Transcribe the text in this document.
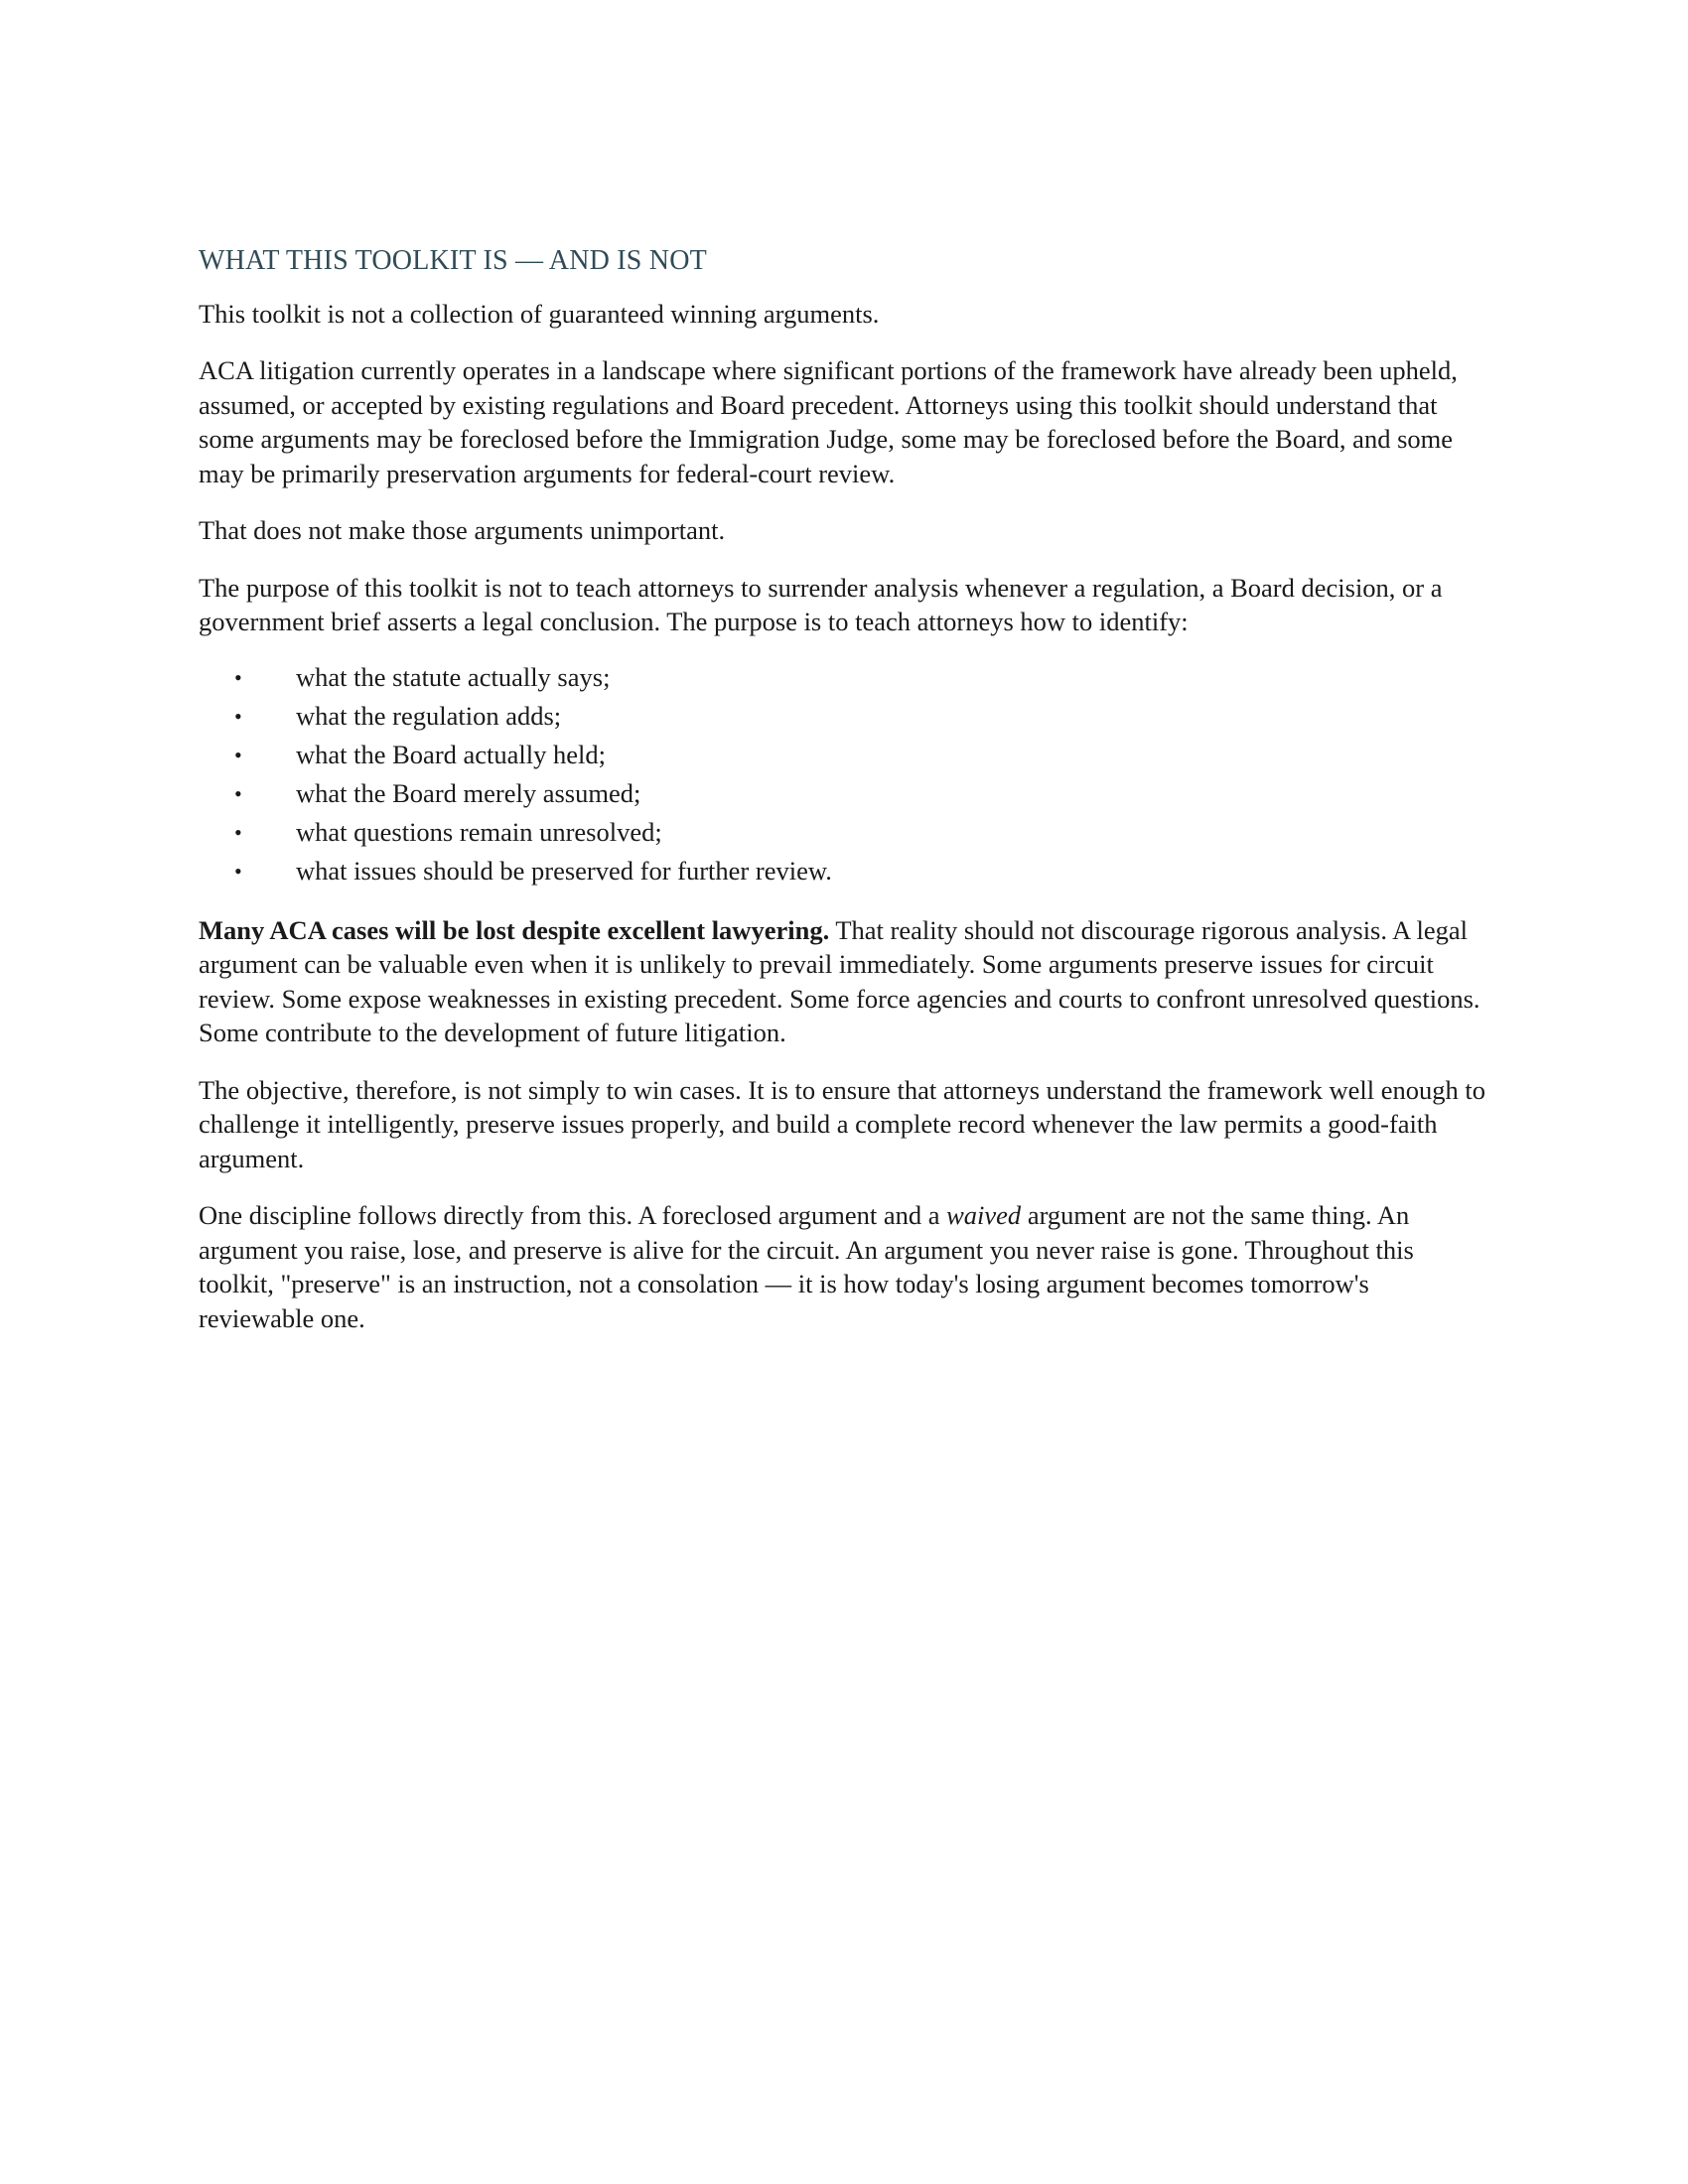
WHAT THIS TOOLKIT IS — AND IS NOT

This toolkit is not a collection of guaranteed winning arguments.

ACA litigation currently operates in a landscape where significant portions of the framework have already been upheld, assumed, or accepted by existing regulations and Board precedent. Attorneys using this toolkit should understand that some arguments may be foreclosed before the Immigration Judge, some may be foreclosed before the Board, and some may be primarily preservation arguments for federal-court review.

That does not make those arguments unimportant.

The purpose of this toolkit is not to teach attorneys to surrender analysis whenever a regulation, a Board decision, or a government brief asserts a legal conclusion. The purpose is to teach attorneys how to identify:

• what the statute actually says;
• what the regulation adds;
• what the Board actually held;
• what the Board merely assumed;
• what questions remain unresolved;
• what issues should be preserved for further review.

Many ACA cases will be lost despite excellent lawyering. That reality should not discourage rigorous analysis. A legal argument can be valuable even when it is unlikely to prevail immediately. Some arguments preserve issues for circuit review. Some expose weaknesses in existing precedent. Some force agencies and courts to confront unresolved questions. Some contribute to the development of future litigation.

The objective, therefore, is not simply to win cases. It is to ensure that attorneys understand the framework well enough to challenge it intelligently, preserve issues properly, and build a complete record whenever the law permits a good-faith argument.

One discipline follows directly from this. A foreclosed argument and a waived argument are not the same thing. An argument you raise, lose, and preserve is alive for the circuit. An argument you never raise is gone. Throughout this toolkit, "preserve" is an instruction, not a consolation — it is how today's losing argument becomes tomorrow's reviewable one.
